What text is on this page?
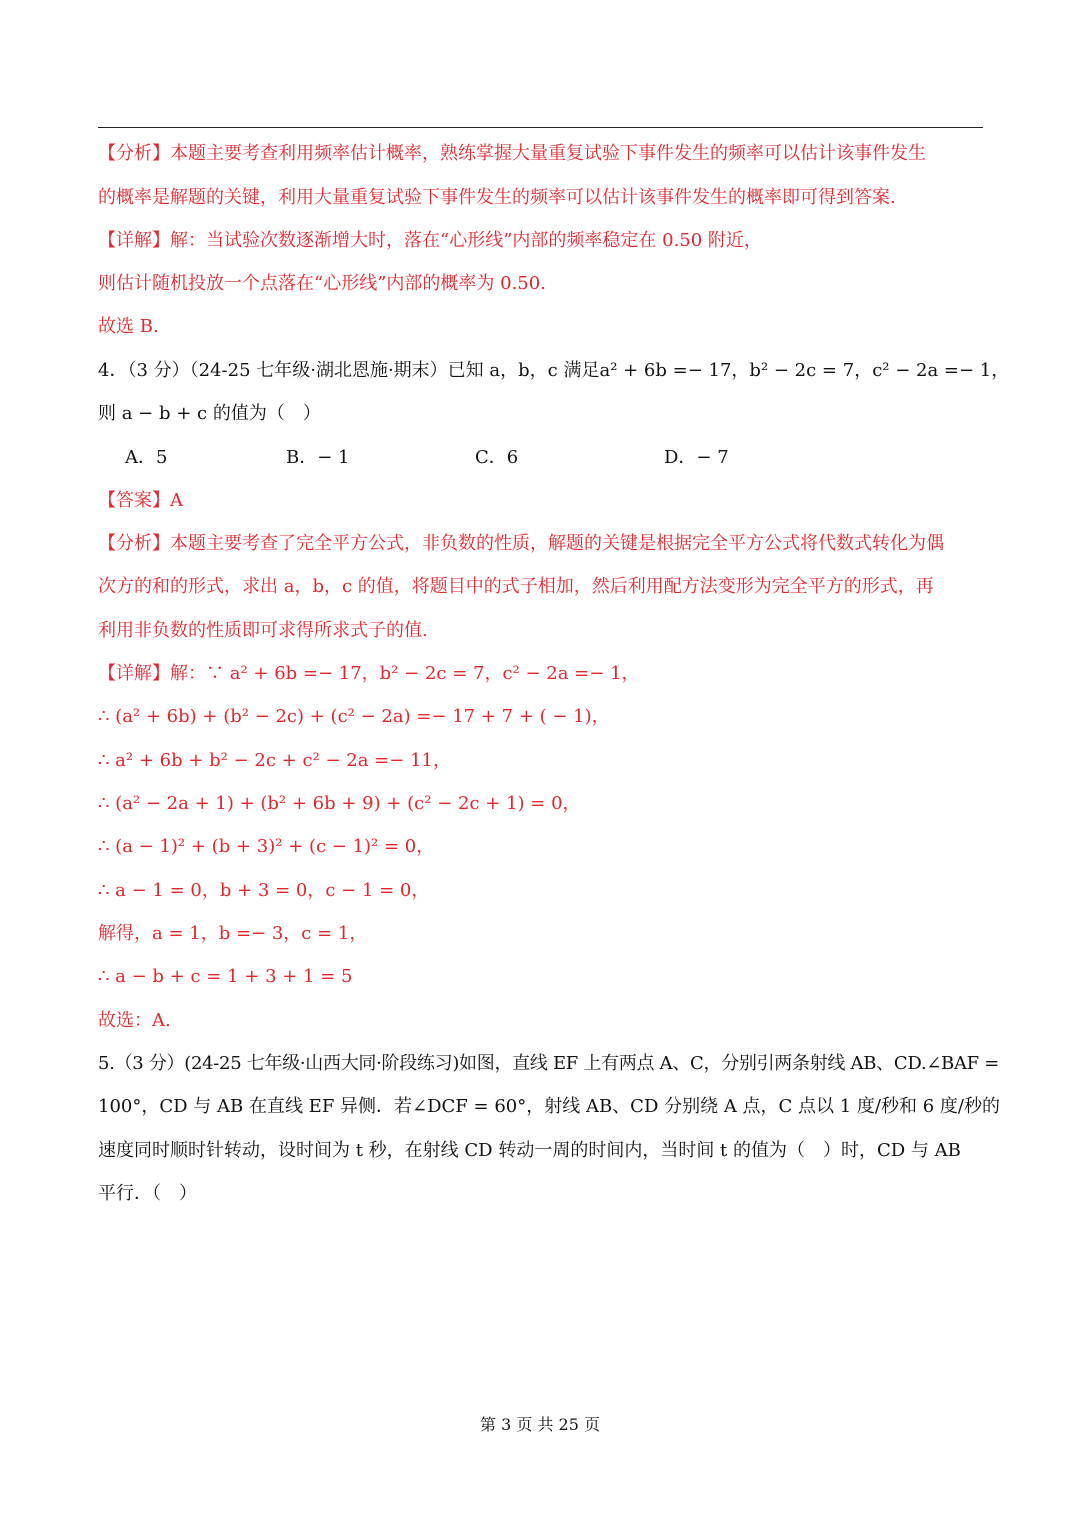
【分析】本题主要考查利用频率估计概率，熟练掌握大量重复试验下事件发生的频率可以估计该事件发生
的概率是解题的关键，利用大量重复试验下事件发生的频率可以估计该事件发生的概率即可得到答案.
【详解】解：当试验次数逐渐增大时，落在“心形线”内部的频率稳定在 0.50 附近，
则估计随机投放一个点落在“心形线”内部的概率为 0.50.
故选 B.
4．（3 分）（24-25 七年级·湖北恩施·期末）已知 a，b，c 满足a² + 6b =− 17，b² − 2c = 7，c² − 2a =− 1，
则 a − b + c 的值为（　）
A．5	B．− 1	C．6	D．− 7
【答案】A
【分析】本题主要考查了完全平方公式，非负数的性质，解题的关键是根据完全平方公式将代数式转化为偶
次方的和的形式，求出 a，b，c 的值，将题目中的式子相加，然后利用配方法变形为完全平方的形式，再
利用非负数的性质即可求得所求式子的值.
【详解】解：∵ a² + 6b =− 17，b² − 2c = 7，c² − 2a =− 1，
∴ (a² + 6b) + (b² − 2c) + (c² − 2a) =− 17 + 7 + ( − 1)，
∴ a² + 6b + b² − 2c + c² − 2a =− 11，
∴ (a² − 2a + 1) + (b² + 6b + 9) + (c² − 2c + 1) = 0，
∴ (a − 1)² + (b + 3)² + (c − 1)² = 0，
∴ a − 1 = 0，b + 3 = 0，c − 1 = 0，
解得，a = 1，b =− 3，c = 1，
∴ a − b + c = 1 + 3 + 1 = 5
故选：A.
5.（3 分）(24-25 七年级·山西大同·阶段练习)如图，直线 EF 上有两点 A、C，分别引两条射线 AB、CD.∠BAF =
100°，CD 与 AB 在直线 EF 异侧．若∠DCF = 60°，射线 AB、CD 分别绕 A 点，C 点以 1 度/秒和 6 度/秒的
速度同时顺时针转动，设时间为 t 秒，在射线 CD 转动一周的时间内，当时间 t 的值为（　）时，CD 与 AB
平行．（　）
第 3 页 共 25 页
